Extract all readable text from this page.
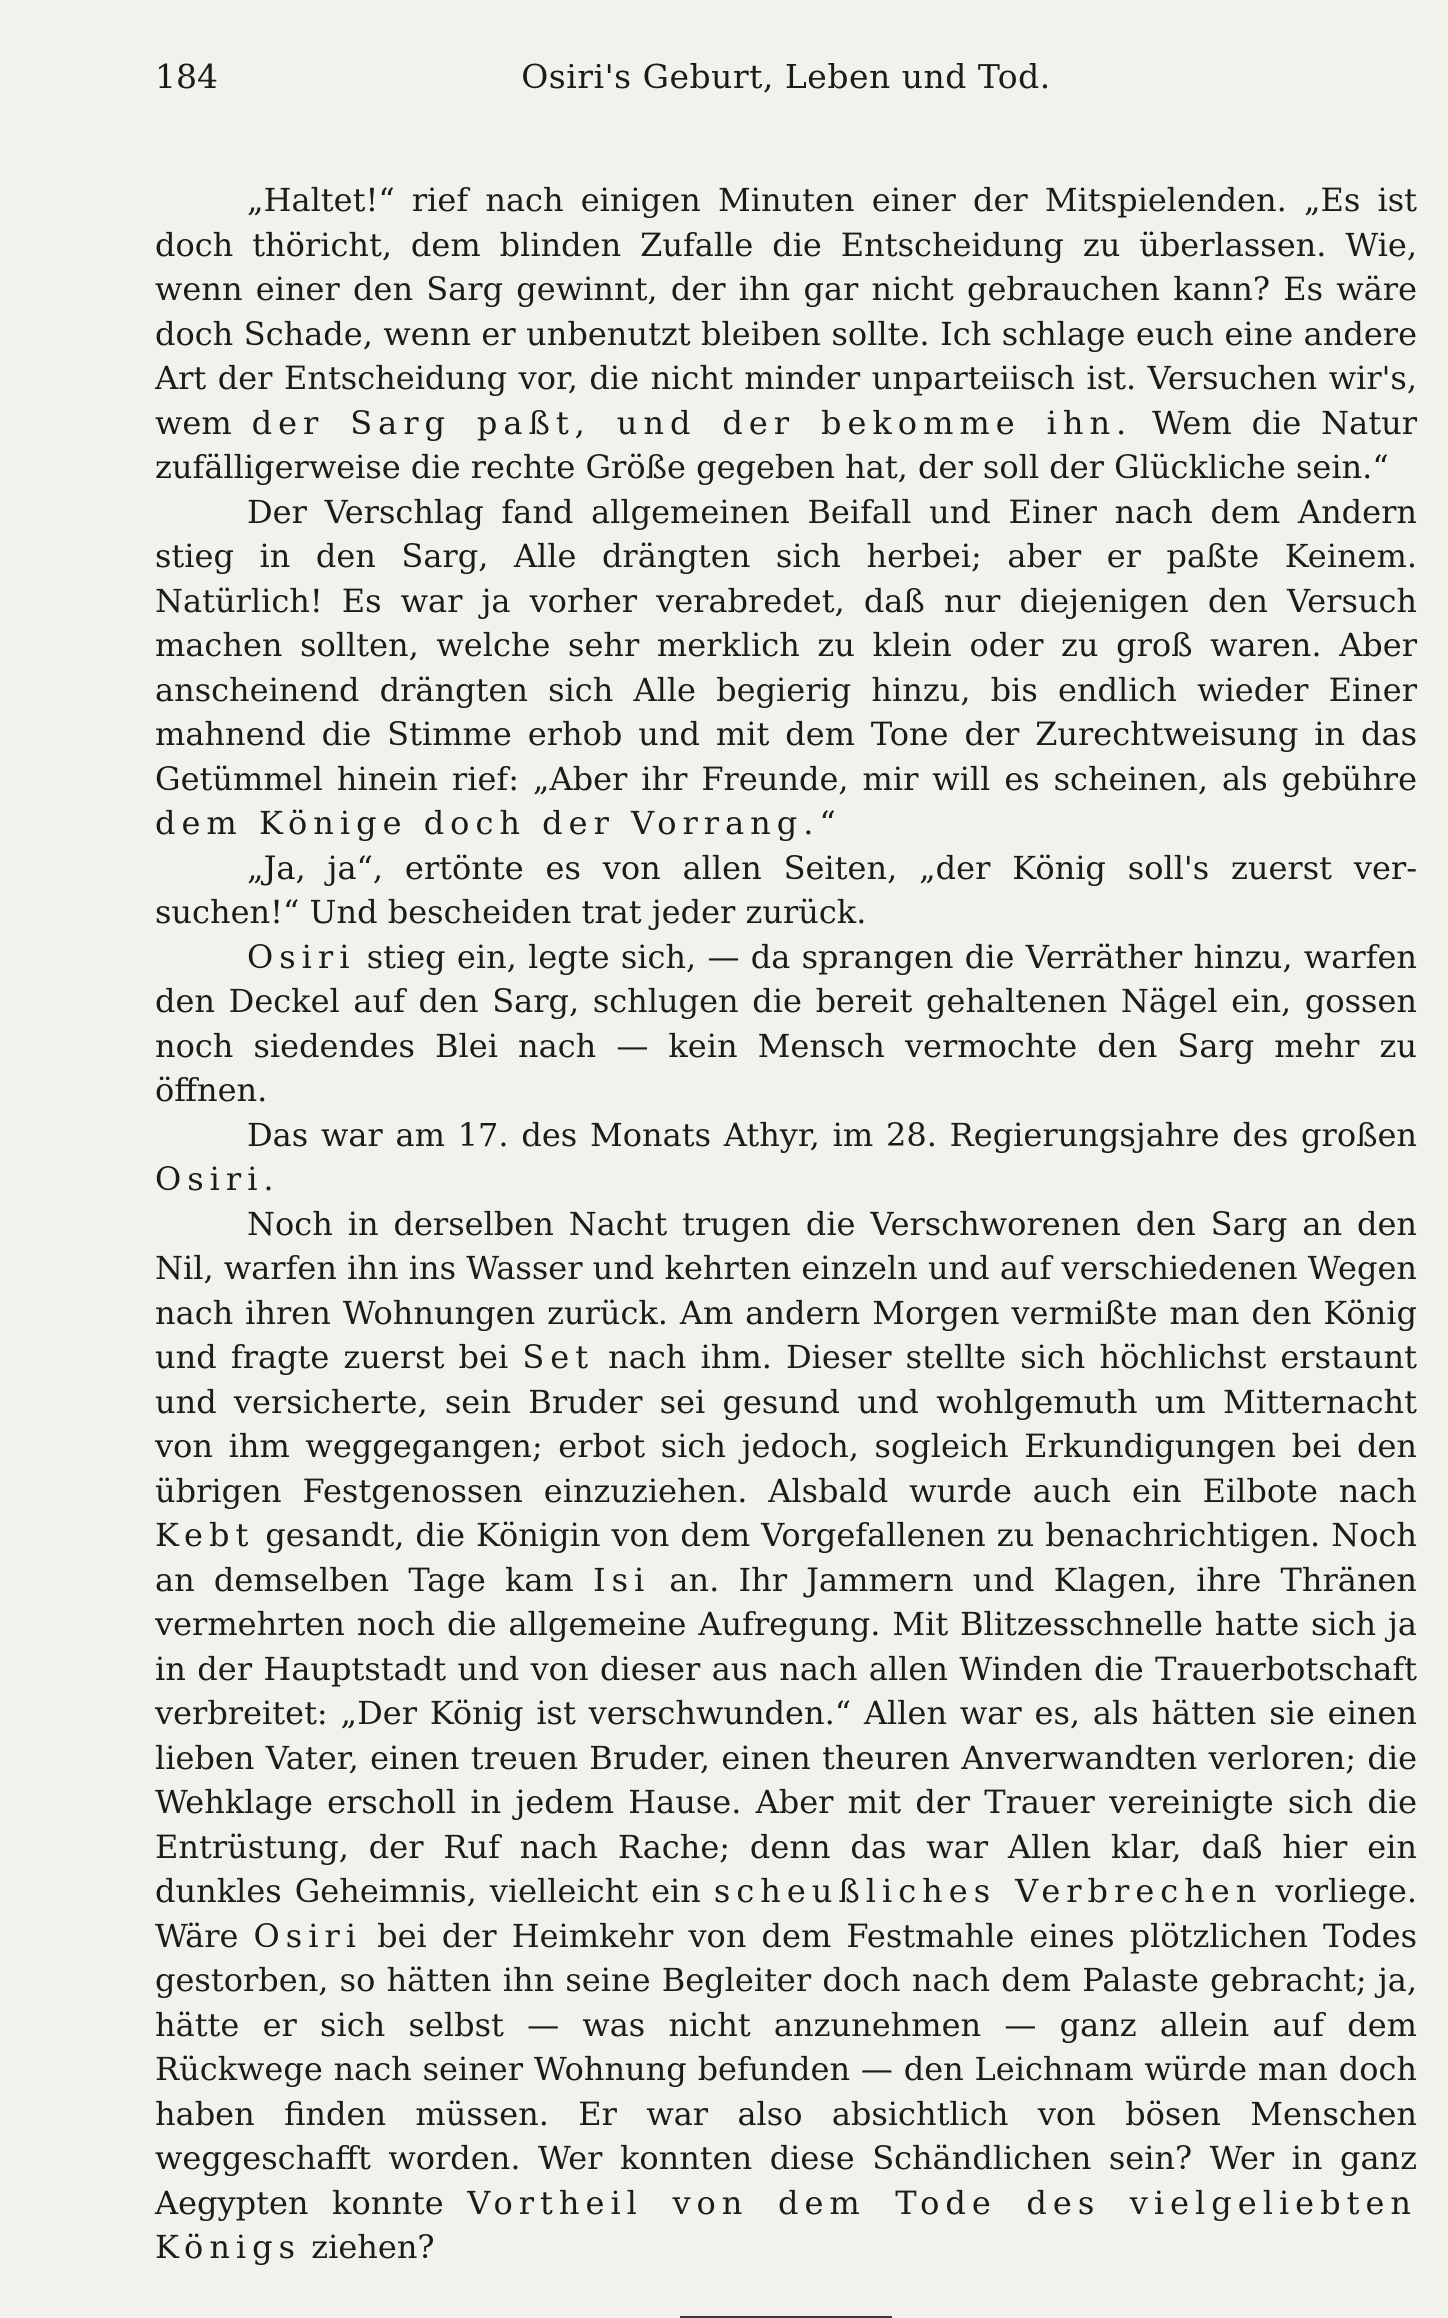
184	Osiri's Geburt, Leben und Tod.

„Haltet!“ rief nach einigen Minuten einer der Mitspielenden. „Es ist doch thöricht, dem blinden Zufalle die Entscheidung zu überlassen. Wie, wenn einer den Sarg gewinnt, der ihn gar nicht gebrauchen kann? Es wäre doch Schade, wenn er unbenutzt bleiben sollte. Ich schlage euch eine andere Art der Entscheidung vor, die nicht minder unparteiisch ist. Versuchen wir's, wem der Sarg paßt, und der bekomme ihn. Wem die Natur zufälligerweise die rechte Größe gegeben hat, der soll der Glückliche sein.“

Der Verschlag fand allgemeinen Beifall und Einer nach dem Andern stieg in den Sarg, Alle drängten sich herbei; aber er paßte Keinem. Natürlich! Es war ja vorher verabredet, daß nur diejenigen den Versuch machen sollten, welche sehr merklich zu klein oder zu groß waren. Aber anscheinend drängten sich Alle begierig hinzu, bis endlich wieder Einer mahnend die Stimme erhob und mit dem Tone der Zurechtweisung in das Getümmel hinein rief: „Aber ihr Freunde, mir will es scheinen, als gebühre dem Könige doch der Vorrang.“

„Ja, ja“, ertönte es von allen Seiten, „der König soll's zuerst versuchen!“ Und bescheiden trat jeder zurück.

Osiri stieg ein, legte sich, — da sprangen die Verräther hinzu, warfen den Deckel auf den Sarg, schlugen die bereit gehaltenen Nägel ein, gossen noch siedendes Blei nach — kein Mensch vermochte den Sarg mehr zu öffnen.

Das war am 17. des Monats Athyr, im 28. Regierungsjahre des großen Osiri.

Noch in derselben Nacht trugen die Verschworenen den Sarg an den Nil, warfen ihn ins Wasser und kehrten einzeln und auf verschiedenen Wegen nach ihren Wohnungen zurück. Am andern Morgen vermißte man den König und fragte zuerst bei Set nach ihm. Dieser stellte sich höchlichst erstaunt und versicherte, sein Bruder sei gesund und wohlgemuth um Mitternacht von ihm weggegangen; erbot sich jedoch, sogleich Erkundigungen bei den übrigen Festgenossen einzuziehen. Alsbald wurde auch ein Eilbote nach Kebt gesandt, die Königin von dem Vorgefallenen zu benachrichtigen. Noch an demselben Tage kam Isi an. Ihr Jammern und Klagen, ihre Thränen vermehrten noch die allgemeine Aufregung. Mit Blitzesschnelle hatte sich ja in der Hauptstadt und von dieser aus nach allen Winden die Trauerbotschaft verbreitet: „Der König ist verschwunden.“ Allen war es, als hätten sie einen lieben Vater, einen treuen Bruder, einen theuren Anverwandten verloren; die Wehklage erscholl in jedem Hause. Aber mit der Trauer vereinigte sich die Entrüstung, der Ruf nach Rache; denn das war Allen klar, daß hier ein dunkles Geheimnis, vielleicht ein scheußliches Verbrechen vorliege. Wäre Osiri bei der Heimkehr von dem Festmahle eines plötzlichen Todes gestorben, so hätten ihn seine Begleiter doch nach dem Palaste gebracht; ja, hätte er sich selbst — was nicht anzunehmen — ganz allein auf dem Rückwege nach seiner Wohnung befunden — den Leichnam würde man doch haben finden müssen. Er war also absichtlich von bösen Menschen weggeschafft worden. Wer konnten diese Schändlichen sein? Wer in ganz Aegypten konnte Vortheil von dem Tode des vielgeliebten Königs ziehen?
